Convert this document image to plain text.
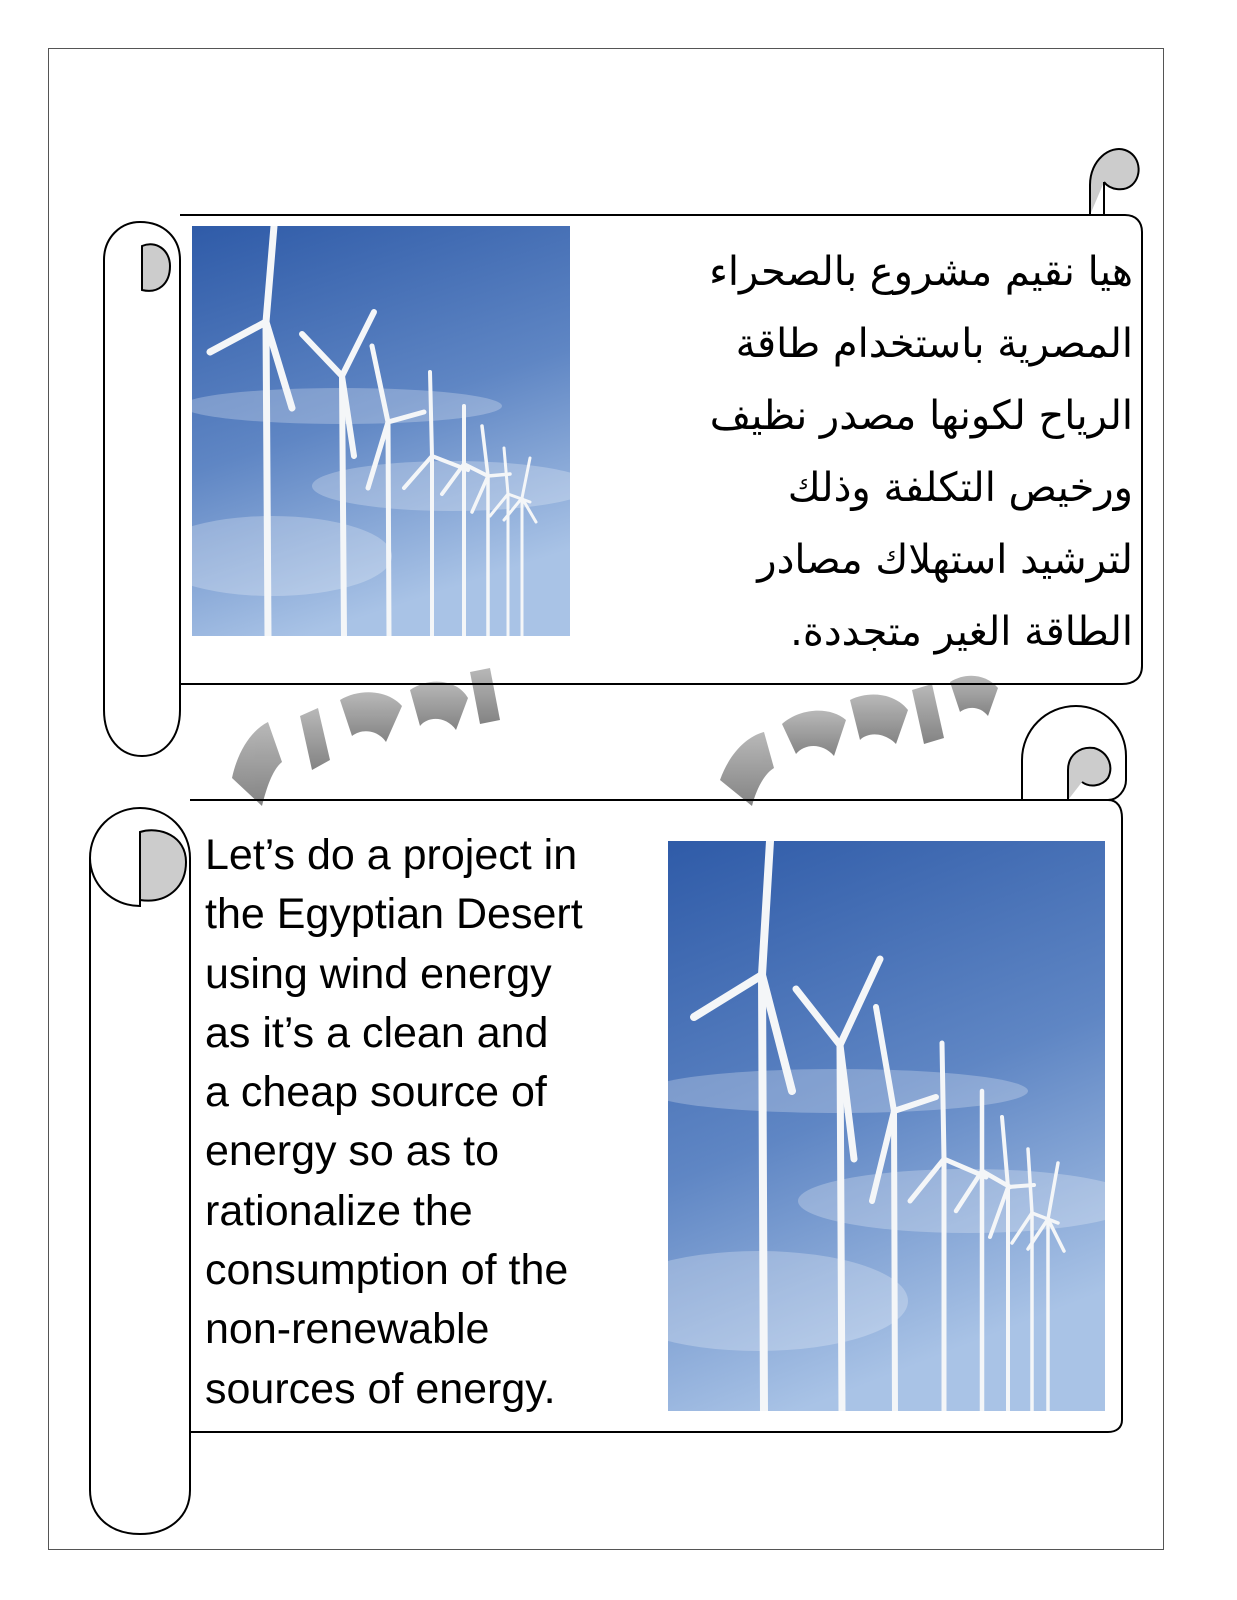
هيا نقيم مشروع بالصحراء
المصرية باستخدام طاقة
الرياح لكونها مصدر نظيف
ورخيص التكلفة وذلك
لترشيد استهلاك مصادر
الطاقة الغير متجددة.
Let’s do a project in
the Egyptian Desert
using wind energy
as it’s a clean and
a cheap source of
energy so as to
rationalize the
consumption of the
non-renewable
sources of energy.
